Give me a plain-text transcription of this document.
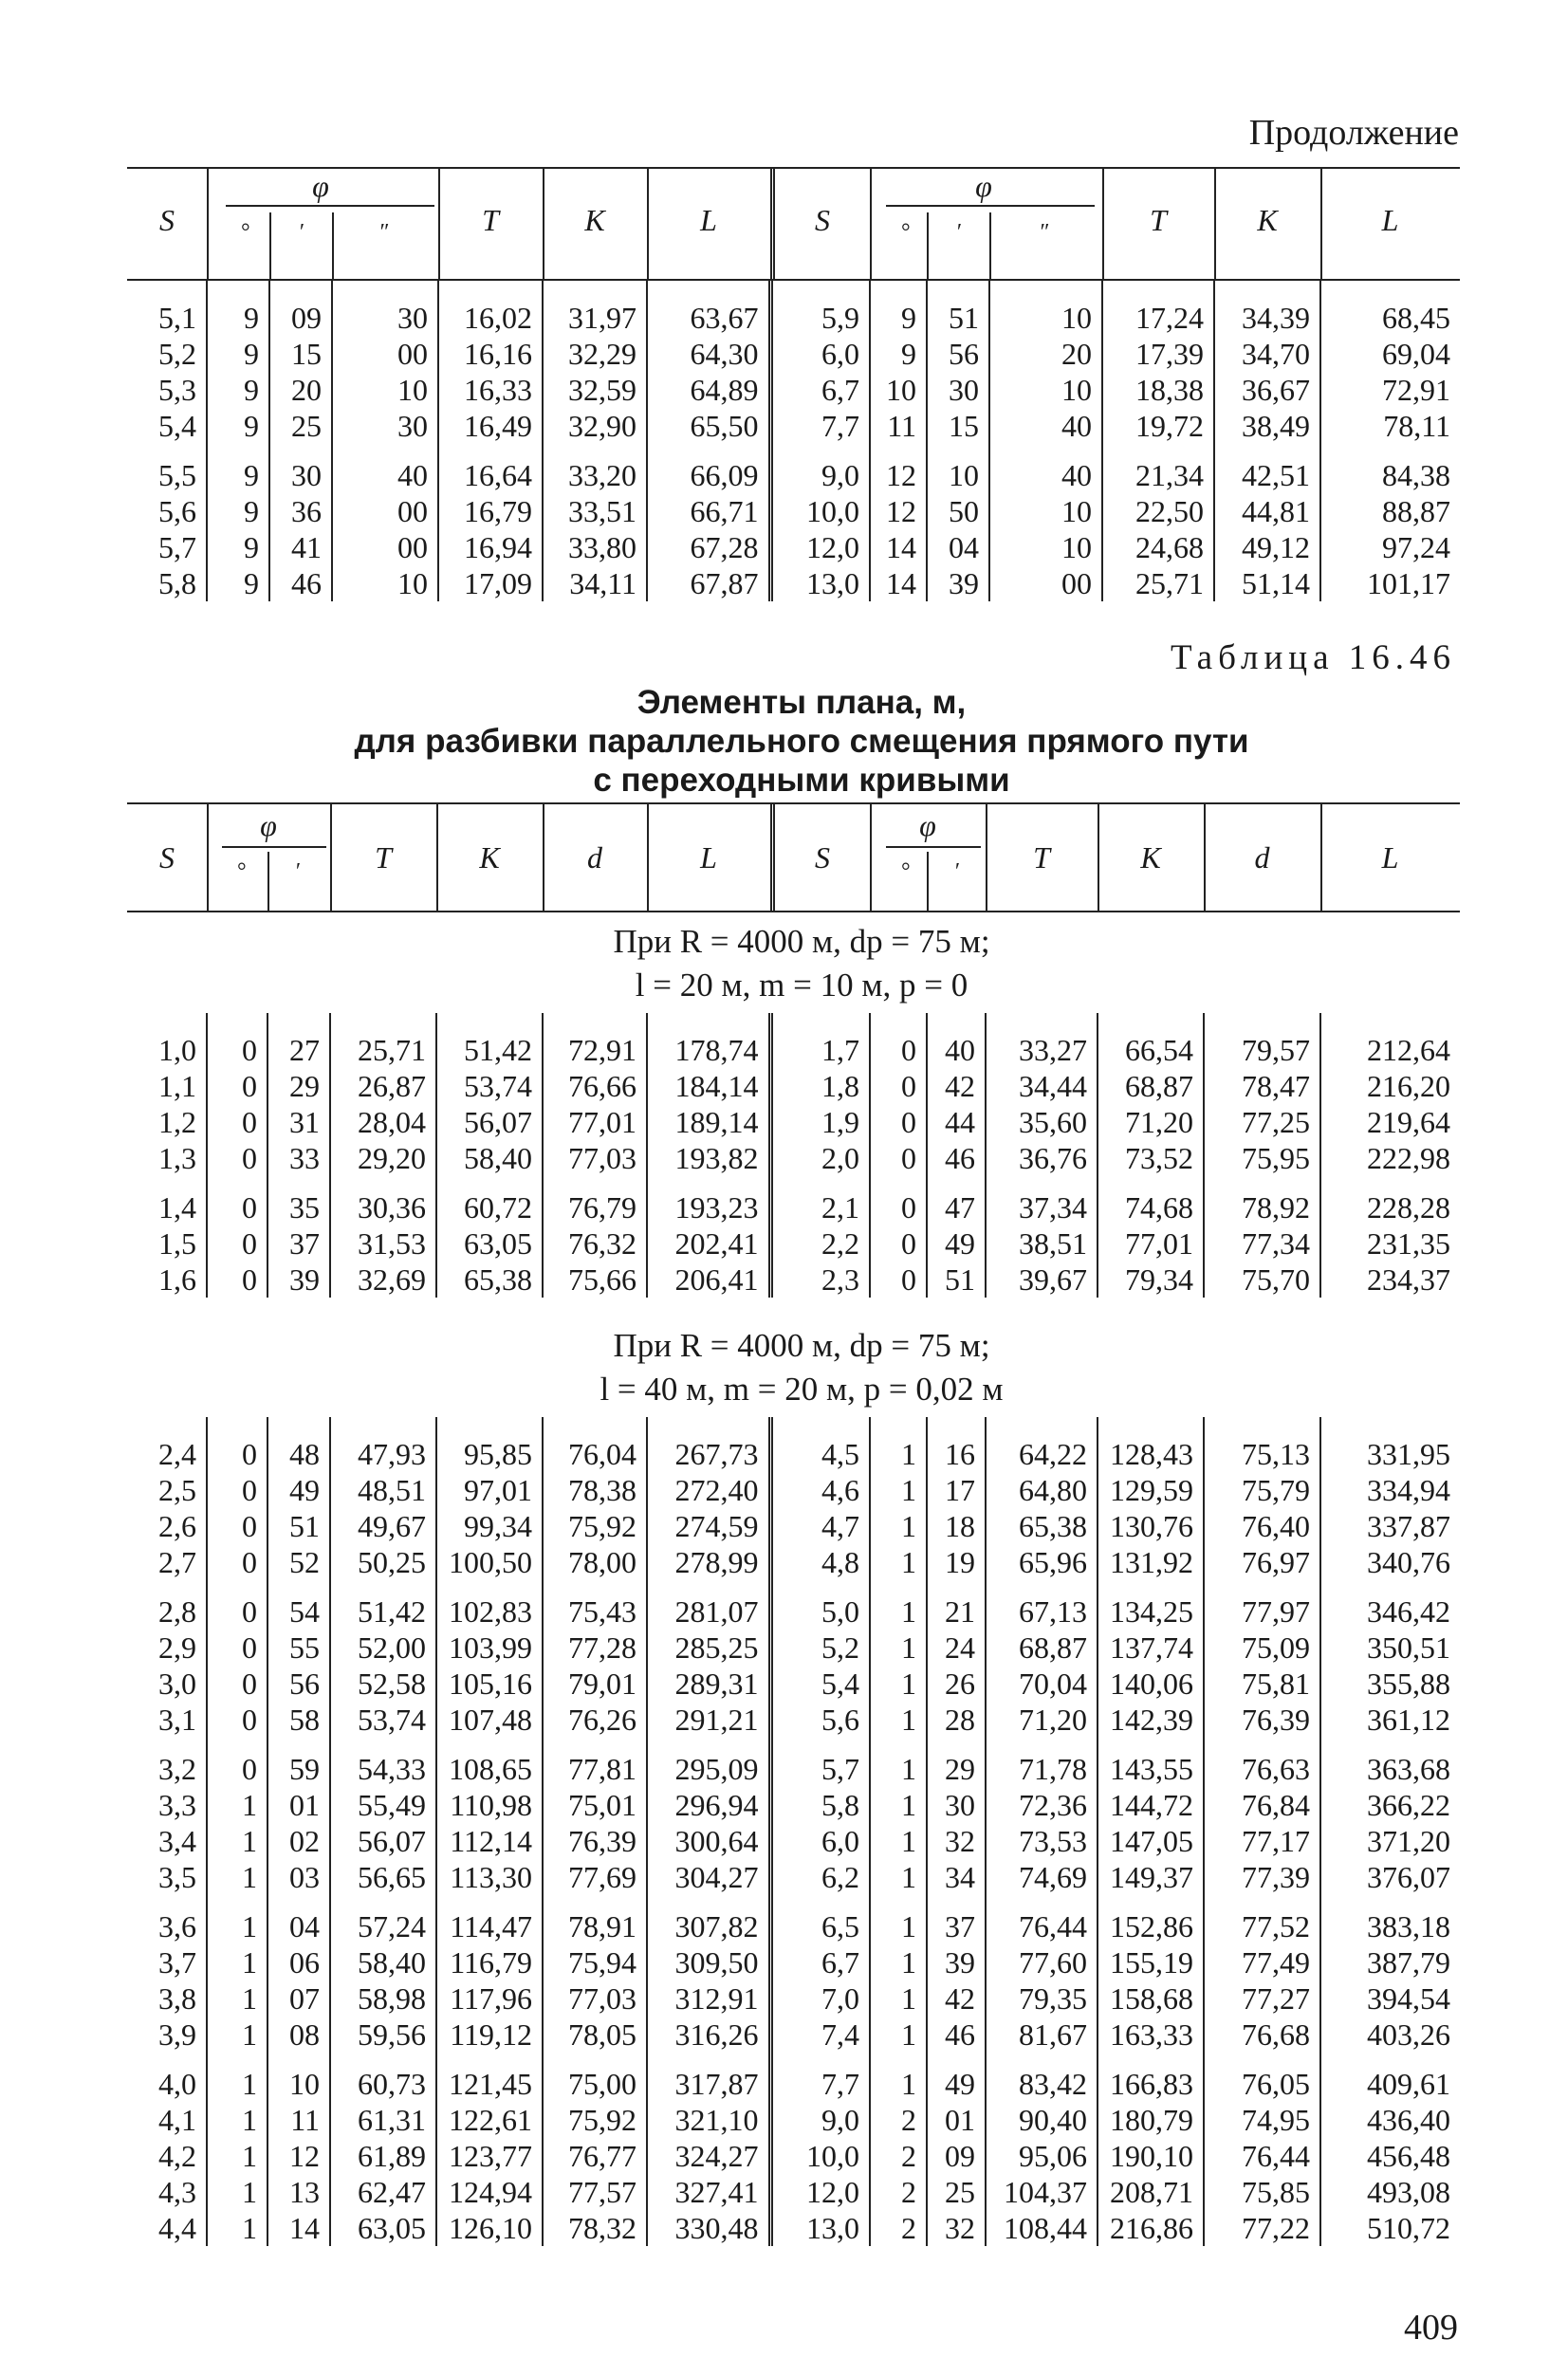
Продолжение
S
φ
°	′	″	T	K	L	S
φ
°	′	″	T	K	L

5,1	9	09	30	16,02	31,97	63,67	5,9	9	51	10	17,24	34,39	68,45
5,2	9	15	00	16,16	32,29	64,30	6,0	9	56	20	17,39	34,70	69,04
5,3	9	20	10	16,33	32,59	64,89	6,7	10	30	10	18,38	36,67	72,91
5,4	9	25	30	16,49	32,90	65,50	7,7	11	15	40	19,72	38,49	78,11

5,5	9	30	40	16,64	33,20	66,09	9,0	12	10	40	21,34	42,51	84,38
5,6	9	36	00	16,79	33,51	66,71	10,0	12	50	10	22,50	44,81	88,87
5,7	9	41	00	16,94	33,80	67,28	12,0	14	04	10	24,68	49,12	97,24
5,8	9	46	10	17,09	34,11	67,87	13,0	14	39	00	25,71	51,14	101,17
Таблица 16.46
Элементы плана, м,
для разбивки параллельного смещения прямого пути
с переходными кривыми
S
φ
°	′	T	K	d	L	S
φ
°	′	T	K	d	L
При R = 4000 м, dр = 75 м;
l = 20 м, m = 10 м, p = 0

1,0	0	27	25,71	51,42	72,91	178,74	1,7	0	40	33,27	66,54	79,57	212,64
1,1	0	29	26,87	53,74	76,66	184,14	1,8	0	42	34,44	68,87	78,47	216,20
1,2	0	31	28,04	56,07	77,01	189,14	1,9	0	44	35,60	71,20	77,25	219,64
1,3	0	33	29,20	58,40	77,03	193,82	2,0	0	46	36,76	73,52	75,95	222,98

1,4	0	35	30,36	60,72	76,79	193,23	2,1	0	47	37,34	74,68	78,92	228,28
1,5	0	37	31,53	63,05	76,32	202,41	2,2	0	49	38,51	77,01	77,34	231,35
1,6	0	39	32,69	65,38	75,66	206,41	2,3	0	51	39,67	79,34	75,70	234,37
При R = 4000 м, dр = 75 м;
l = 40 м, m = 20 м, p = 0,02 м

2,4	0	48	47,93	95,85	76,04	267,73	4,5	1	16	64,22	128,43	75,13	331,95
2,5	0	49	48,51	97,01	78,38	272,40	4,6	1	17	64,80	129,59	75,79	334,94
2,6	0	51	49,67	99,34	75,92	274,59	4,7	1	18	65,38	130,76	76,40	337,87
2,7	0	52	50,25	100,50	78,00	278,99	4,8	1	19	65,96	131,92	76,97	340,76

2,8	0	54	51,42	102,83	75,43	281,07	5,0	1	21	67,13	134,25	77,97	346,42
2,9	0	55	52,00	103,99	77,28	285,25	5,2	1	24	68,87	137,74	75,09	350,51
3,0	0	56	52,58	105,16	79,01	289,31	5,4	1	26	70,04	140,06	75,81	355,88
3,1	0	58	53,74	107,48	76,26	291,21	5,6	1	28	71,20	142,39	76,39	361,12

3,2	0	59	54,33	108,65	77,81	295,09	5,7	1	29	71,78	143,55	76,63	363,68
3,3	1	01	55,49	110,98	75,01	296,94	5,8	1	30	72,36	144,72	76,84	366,22
3,4	1	02	56,07	112,14	76,39	300,64	6,0	1	32	73,53	147,05	77,17	371,20
3,5	1	03	56,65	113,30	77,69	304,27	6,2	1	34	74,69	149,37	77,39	376,07

3,6	1	04	57,24	114,47	78,91	307,82	6,5	1	37	76,44	152,86	77,52	383,18
3,7	1	06	58,40	116,79	75,94	309,50	6,7	1	39	77,60	155,19	77,49	387,79
3,8	1	07	58,98	117,96	77,03	312,91	7,0	1	42	79,35	158,68	77,27	394,54
3,9	1	08	59,56	119,12	78,05	316,26	7,4	1	46	81,67	163,33	76,68	403,26

4,0	1	10	60,73	121,45	75,00	317,87	7,7	1	49	83,42	166,83	76,05	409,61
4,1	1	11	61,31	122,61	75,92	321,10	9,0	2	01	90,40	180,79	74,95	436,40
4,2	1	12	61,89	123,77	76,77	324,27	10,0	2	09	95,06	190,10	76,44	456,48
4,3	1	13	62,47	124,94	77,57	327,41	12,0	2	25	104,37	208,71	75,85	493,08
4,4	1	14	63,05	126,10	78,32	330,48	13,0	2	32	108,44	216,86	77,22	510,72
409
